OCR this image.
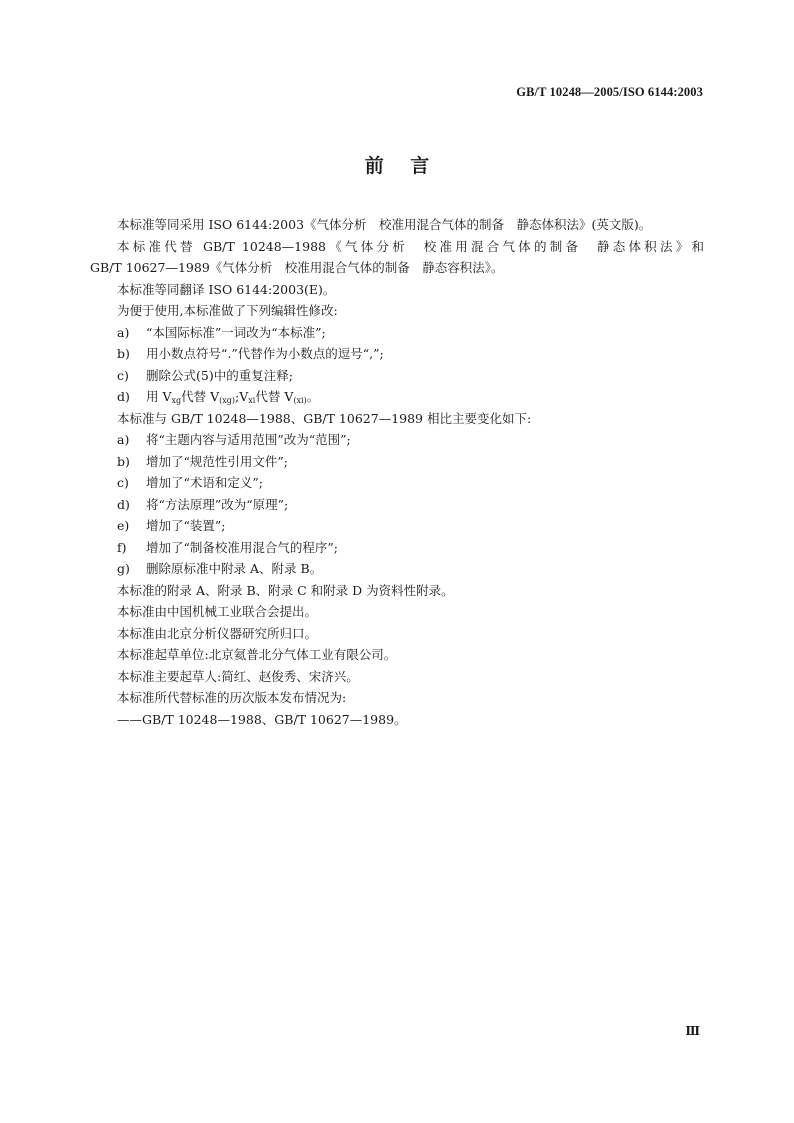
GB/T 10248—2005/ISO 6144:2003
前    言

本标准等同采用 ISO 6144:2003《气体分析　校准用混合气体的制备　静态体积法》(英文版)。

本标准代替 GB/T 10248—1988《气体分析　校准用混合气体的制备　静态体积法》和

GB/T 10627—1989《气体分析　校准用混合气体的制备　静态容积法》。

本标准等同翻译 ISO 6144:2003(E)。

为便于使用,本标准做了下列编辑性修改:

a) “本国际标准”一词改为“本标准”;

b) 用小数点符号“.”代替作为小数点的逗号“,”;

c) 删除公式(5)中的重复注释;

d) 用 $V_{xg}$代替 $V_{(xg)};V_{xi}$代替 $V_{(xi)}$。

本标准与 GB/T 10248—1988、GB/T 10627—1989 相比主要变化如下:

a) 将“主题内容与适用范围”改为“范围”;

b) 增加了“规范性引用文件”;

c) 增加了“术语和定义”;

d) 将“方法原理”改为“原理”;

e) 增加了“装置”;

f) 增加了“制备校准用混合气的程序”;

g) 删除原标准中附录 A、附录 B。

本标准的附录 A、附录 B、附录 C 和附录 D 为资料性附录。

本标准由中国机械工业联合会提出。

本标准由北京分析仪器研究所归口。

本标准起草单位:北京氦普北分气体工业有限公司。

本标准主要起草人:简红、赵俊秀、宋济兴。

本标准所代替标准的历次版本发布情况为:

——GB/T 10248—1988、GB/T 10627—1989。

Ⅲ
